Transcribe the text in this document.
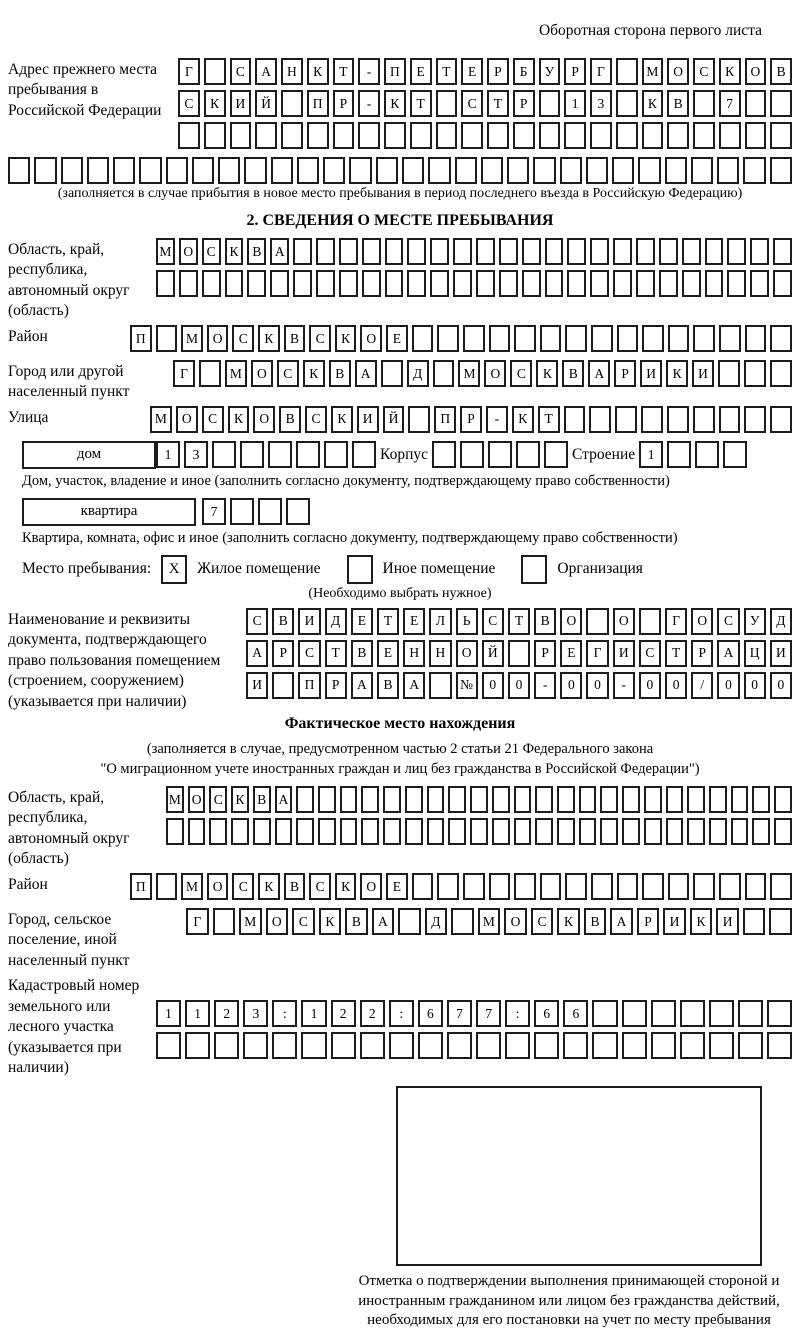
Оборотная сторона первого листа
Адрес прежнего места пребывания в Российской Федерации
Г	С	А	Н	К	Т	-	П	Е	Т	Е	Р	Б	У	Р	Г	М	О	С	К	О	В
С	К	И	Й	П	Р	-	К	Т	С	Т	Р	1	3	К	В	7
(заполняется в случае прибытия в новое место пребывания в период последнего въезда в Российскую Федерацию)
2. СВЕДЕНИЯ О МЕСТЕ ПРЕБЫВАНИЯ
Область, край, республика, автономный округ (область)
М О С	К	В А
Район	П	М	О	С	К	В	С	К	О	Е
Город или другой населенный пункт
Г	М	О	С	К	В	А	Д	М	О	С	К	В	А	Р	И	К	И
Улица	М	О	С	К	О	В	С	К	И	Й	П	Р	-	К	Т
дом	1	3	Корпус	Строение 1
Дом, участок, владение и иное (заполнить согласно документу, подтверждающему право собственности)
квартира	7
Квартира, комната, офис и иное (заполнить согласно документу, подтверждающему право собственности)
Место пребывания:	X	Жилое помещение	Иное помещение	Организация
(Необходимо выбрать нужное)
Наименование и реквизиты документа, подтверждающего право пользования помещением (строением, сооружением) (указывается при наличии)
С	В	И	Д	Е	Т	Е	Л	Ь	С	Т	В	О	О	Г	О	С	У	Д
А	Р	С	Т	В	Е	Н	Н	О	Й	Р	Е	Г	И	С	Т	Р	А	Ц	И
И	П	Р	А	В	А	№	0	0	-	0	0	-	0	0	/	0	0	0
Фактическое место нахождения
(заполняется в случае, предусмотренном частью 2 статьи 21 Федерального закона
"О миграционном учете иностранных граждан и лиц без гражданства в Российской Федерации")
Область, край, республика, автономный округ (область)
М О С К В А
Район	П	М	О	С	К	В	С	К	О	Е
Город, сельское поселение, иной населенный пункт
Г	М	О	С	К	В	А	Д	М	О	С	К	В	А	Р	И	К	И
Кадастровый номер земельного или лесного участка (указывается при наличии)
1	1	2	3	:	1	2	2	:	6	7	7	:	6	6
Отметка о подтверждении выполнения принимающей стороной и иностранным гражданином или лицом без гражданства действий, необходимых для его постановки на учет по месту пребывания
